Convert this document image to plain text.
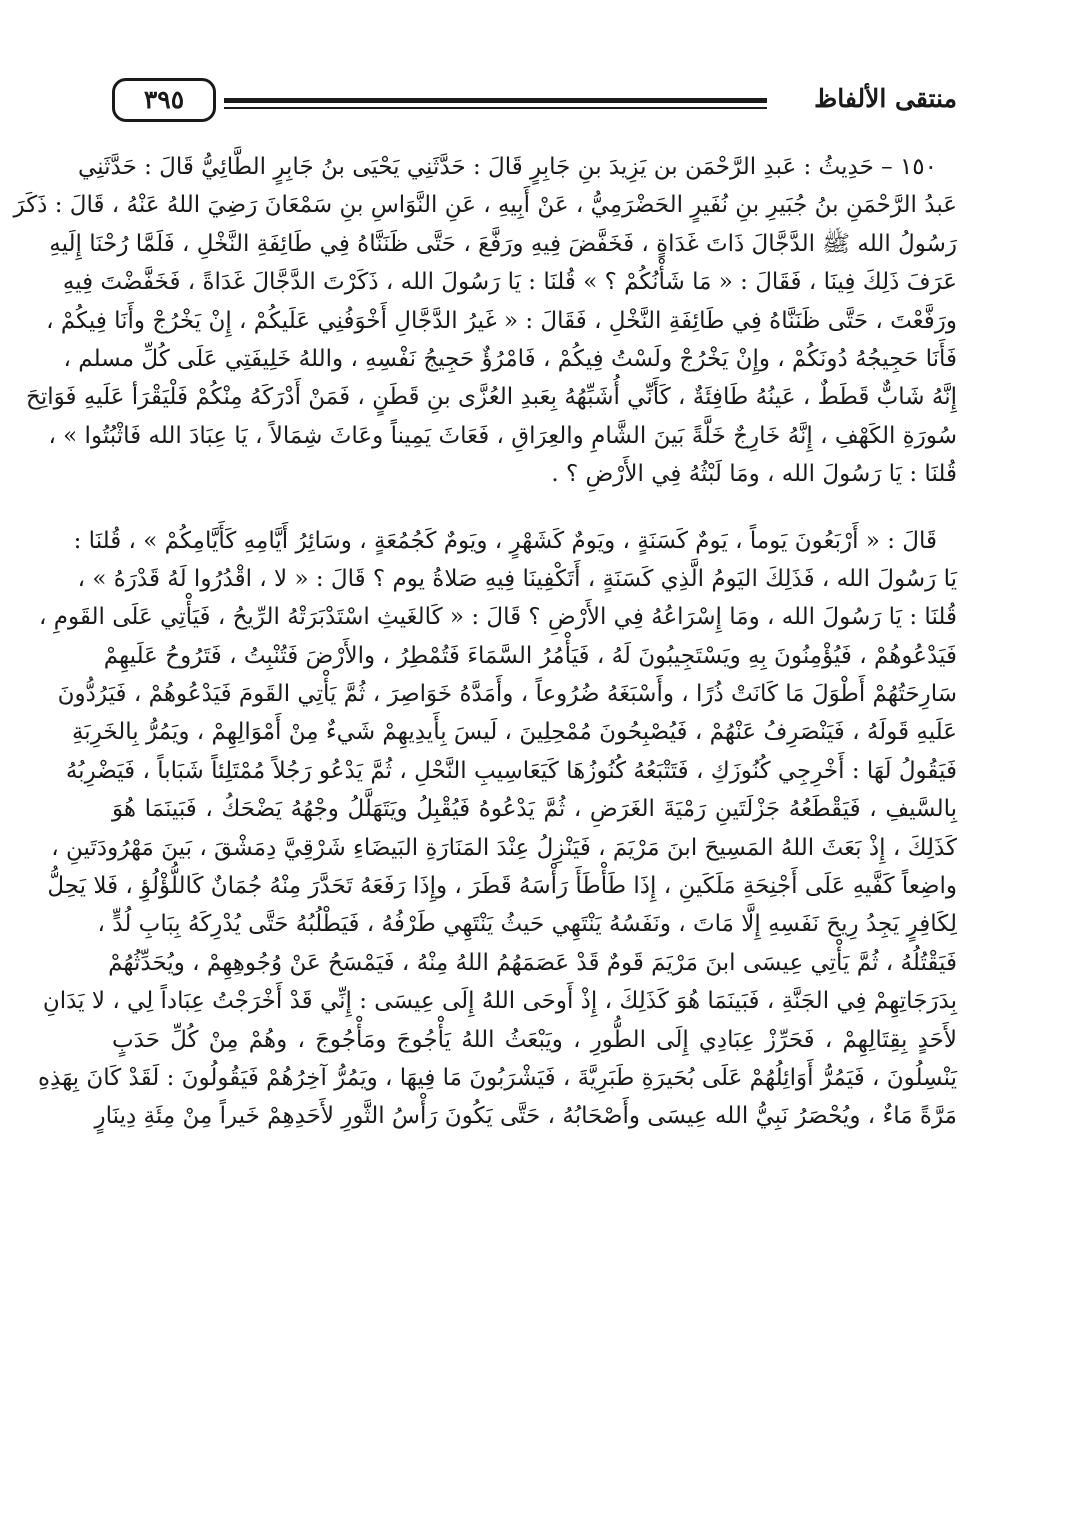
منتقى الألفاظ
٣٩٥
١٥٠ – حَدِيثُ : عَبدِ الرَّحْمَن بن يَزِيدَ بنِ جَابِرٍ قَالَ : حَدَّثَنِي يَحْيَى بنُ جَابِرٍ الطَّائِيُّ قَالَ : حَدَّثَنِي
عَبدُ الرَّحْمَنِ بنُ جُبَيرِ بنِ نُفَيرٍ الحَضْرَمِيُّ ، عَنْ أَبِيهِ ، عَنِ النَّوَاسِ بنِ سَمْعَانَ رَضِيَ اللهُ عَنْهُ ، قَالَ : ذَكَرَ
رَسُولُ الله ﷺ الدَّجَّالَ ذَاتَ غَدَاةٍ ، فَخَفَّضَ فِيهِ ورَفَّعَ ، حَتَّى ظَنَنَّاهُ فِي طَائِفَةِ النَّخْلِ ، فَلَمَّا رُحْنَا إِلَيهِ
عَرَفَ ذَلِكَ فِينَا ، فَقَالَ : « مَا شَأْنُكُمْ ؟ » قُلنَا : يَا رَسُولَ الله ، ذَكَرْتَ الدَّجَّالَ غَدَاةً ، فَخَفَّضْتَ فِيهِ
ورَفَّعْتَ ، حَتَّى ظَنَنَّاهُ فِي طَائِفَةِ النَّخْلِ ، فَقَالَ : « غَيرُ الدَّجَّالِ أَخْوَفُنِي عَلَيكُمْ ، إِنْ يَخْرُجْ وأَنَا فِيكُمْ ،
فَأَنَا حَجِيجُهُ دُونَكُمْ ، وإِنْ يَخْرُجْ ولَسْتُ فِيكُمْ ، فَامْرُؤٌ حَجِيجُ نَفْسِهِ ، واللهُ خَلِيفَتِي عَلَى كُلِّ مسلم ،
إِنَّهُ شَابٌّ قَطَطٌ ، عَينُهُ طَافِئَةٌ ، كَأَنِّي أُشَبِّهُهُ بِعَبدِ العُزَّى بنِ قَطَنٍ ، فَمَنْ أَدْرَكَهُ مِنْكُمْ فَلْيَقْرَأ عَلَيهِ فَوَاتِحَ
سُورَةِ الكَهْفِ ، إِنَّهُ خَارِجٌ خَلَّةً بَينَ الشَّامِ والعِرَاقِ ، فَعَاثَ يَمِيناً وعَاثَ شِمَالاً ، يَا عِبَادَ الله فَاثْبُتُوا » ،
قُلنَا : يَا رَسُولَ الله ، ومَا لَبْثُهُ فِي الأَرْضِ ؟ .
قَالَ : « أَرْبَعُونَ يَوماً ، يَومٌ كَسَنَةٍ ، ويَومٌ كَشَهْرٍ ، ويَومٌ كَجُمُعَةٍ ، وسَائِرُ أَيَّامِهِ كَأَيَّامِكُمْ » ، قُلنَا :
يَا رَسُولَ الله ، فَذَلِكَ اليَومُ الَّذِي كَسَنَةٍ ، أَتَكْفِينَا فِيهِ صَلاةُ يوم ؟ قَالَ : « لا ، اقْدُرُوا لَهُ قَدْرَهُ » ،
قُلنَا : يَا رَسُولَ الله ، ومَا إِسْرَاعُهُ فِي الأَرْضِ ؟ قَالَ : « كَالغَيثِ اسْتَدْبَرَتْهُ الرِّيحُ ، فَيَأْتِي عَلَى القَومِ ،
فَيَدْعُوهُمْ ، فَيُؤْمِنُونَ بِهِ ويَسْتَجِيبُونَ لَهُ ، فَيَأْمُرُ السَّمَاءَ فَتُمْطِرُ ، والأَرْضَ فَتُنْبِتُ ، فَتَرُوحُ عَلَيهِمْ
سَارِحَتُهُمْ أَطْوَلَ مَا كَانَتْ ذُرًا ، وأَسْبَغَهُ ضُرُوعاً ، وأَمَدَّهُ خَوَاصِرَ ، ثُمَّ يَأْتِي القَومَ فَيَدْعُوهُمْ ، فَيَرُدُّونَ
عَلَيهِ قَولَهُ ، فَيَنْصَرِفُ عَنْهُمْ ، فَيُصْبِحُونَ مُمْحِلِينَ ، لَيسَ بِأَيدِيهِمْ شَيءٌ مِنْ أَمْوَالِهِمْ ، ويَمُرُّ بِالخَرِبَةِ
فَيَقُولُ لَهَا : أَخْرِجِي كُنُوزَكِ ، فَتَتْبَعُهُ كُنُوزُهَا كَيَعَاسِيبِ النَّحْلِ ، ثُمَّ يَدْعُو رَجُلاً مُمْتَلِئاً شَبَاباً ، فَيَضْرِبُهُ
بِالسَّيفِ ، فَيَقْطَعُهُ جَزْلَتَينِ رَمْيَةَ الغَرَضِ ، ثُمَّ يَدْعُوهُ فَيُقْبِلُ ويَتَهَلَّلُ وجْهُهُ يَضْحَكُ ، فَبَينَمَا هُوَ
كَذَلِكَ ، إِذْ بَعَثَ اللهُ المَسِيحَ ابنَ مَرْيَمَ ، فَيَنْزِلُ عِنْدَ المَنَارَةِ البَيضَاءِ شَرْقِيَّ دِمَشْقَ ، بَينَ مَهْرُودَتَينِ ،
واضِعاً كَفَّيهِ عَلَى أَجْنِحَةِ مَلَكَينِ ، إِذَا طَأْطَأَ رَأْسَهُ قَطَرَ ، وإِذَا رَفَعَهُ تَحَدَّرَ مِنْهُ جُمَانٌ كَاللُّؤْلُؤِ ، فَلا يَحِلُّ
لِكَافِرٍ يَجِدُ رِيحَ نَفَسِهِ إِلَّا مَاتَ ، ونَفَسُهُ يَنْتَهِي حَيثُ يَنْتَهِي طَرْفُهُ ، فَيَطْلُبُهُ حَتَّى يُدْرِكَهُ بِبَابِ لُدٍّ ،
فَيَقْتُلُهُ ، ثُمَّ يَأْتِي عِيسَى ابنَ مَرْيَمَ قَومٌ قَدْ عَصَمَهُمُ اللهُ مِنْهُ ، فَيَمْسَحُ عَنْ وُجُوهِهِمْ ، ويُحَدِّثُهُمْ
بِدَرَجَاتِهِمْ فِي الجَنَّةِ ، فَبَينَمَا هُوَ كَذَلِكَ ، إِذْ أَوحَى اللهُ إِلَى عِيسَى : إِنِّي قَدْ أَخْرَجْتُ عِبَاداً لِي ، لا يَدَانِ
لأَحَدٍ بِقِتَالِهِمْ ، فَحَرِّزْ عِبَادِي إِلَى الطُّورِ ، ويَبْعَثُ اللهُ يَأْجُوجَ ومَأْجُوجَ ، وهُمْ مِنْ كُلِّ حَدَبٍ
يَنْسِلُونَ ، فَيَمُرُّ أَوَائِلُهُمْ عَلَى بُحَيرَةِ طَبَرِيَّةَ ، فَيَشْرَبُونَ مَا فِيهَا ، ويَمُرُّ آخِرُهُمْ فَيَقُولُونَ : لَقَدْ كَانَ بِهَذِهِ
مَرَّةً مَاءٌ ، ويُحْصَرُ نَبِيُّ الله عِيسَى وأَصْحَابُهُ ، حَتَّى يَكُونَ رَأْسُ الثَّورِ لأَحَدِهِمْ خَيراً مِنْ مِئَةِ دِينَارٍ
